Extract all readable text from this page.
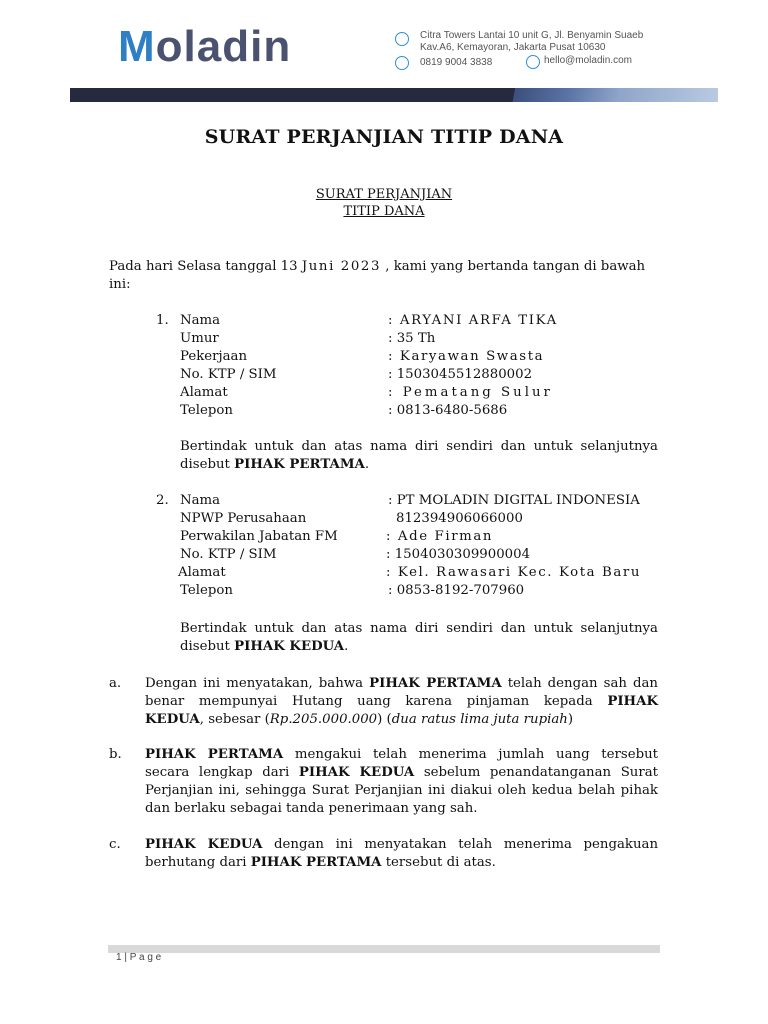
Moladin	Citra Towers Lantai 10 unit G, Jl. Benyamin Suaeb
Kav.A6, Kemayoran, Jakarta Pusat 10630
0819 9004 3838	hello@moladin.com
SURAT PERJANJIAN TITIP DANA
SURAT PERJANJIAN
TITIP DANA
Pada hari Selasa tanggal 13 Juni 2023 , kami yang bertanda tangan di bawah
ini:
1. Nama
Umur
Pekerjaan
No. KTP / SIM
Alamat
Telepon
: ARYANI ARFA TIKA
: 35 Th
: Karyawan Swasta
: 1503045512880002
: Pematang Sulur
: 0813-6480-5686
Bertindak untuk dan atas nama diri sendiri dan untuk selanjutnya
disebut PIHAK PERTAMA.
2. Nama
NPWP Perusahaan
Perwakilan Jabatan FM
No. KTP / SIM
Alamat
Telepon
: PT MOLADIN DIGITAL INDONESIA
812394906066000
: Ade Firman
: 1504030309900004
: Kel. Rawasari Kec. Kota Baru
: 0853-8192-707960
Bertindak untuk dan atas nama diri sendiri dan untuk selanjutnya
disebut PIHAK KEDUA.
a. Dengan ini menyatakan, bahwa PIHAK PERTAMA telah dengan sah dan
benar mempunyai Hutang uang karena pinjaman kepada PIHAK
KEDUA, sebesar (Rp.205.000.000) (dua ratus lima juta rupiah)
b. PIHAK PERTAMA mengakui telah menerima jumlah uang tersebut
secara lengkap dari PIHAK KEDUA sebelum penandatanganan Surat
Perjanjian ini, sehingga Surat Perjanjian ini diakui oleh kedua belah pihak
dan berlaku sebagai tanda penerimaan yang sah.
c. PIHAK KEDUA dengan ini menyatakan telah menerima pengakuan
berhutang dari PIHAK PERTAMA tersebut di atas.
1 | P a g e
